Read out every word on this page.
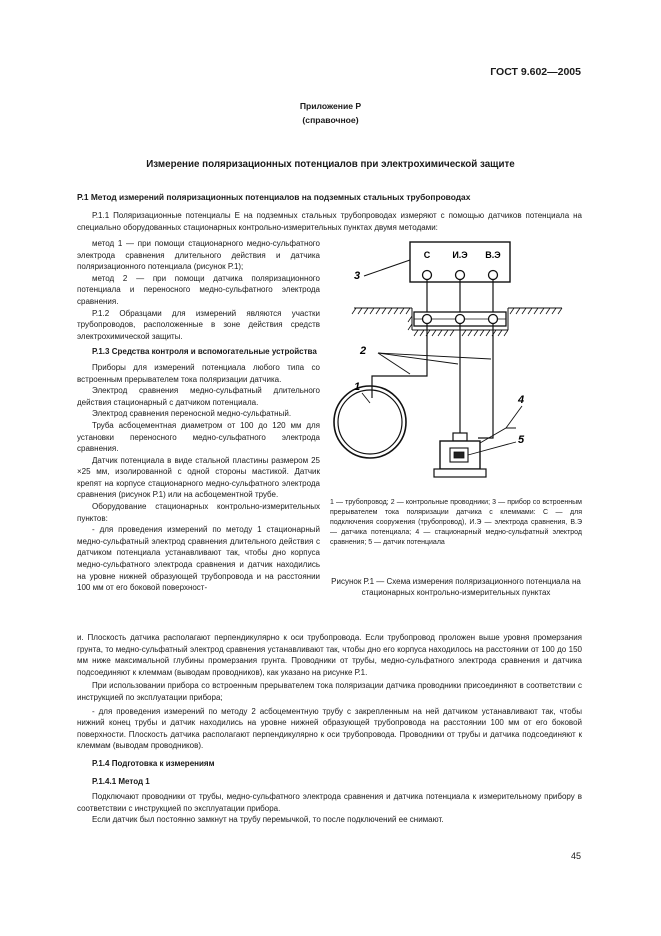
ГОСТ 9.602—2005
Приложение Р
(справочное)
Измерение поляризационных потенциалов при электрохимической защите

P.1 Метод измерений поляризационных потенциалов на подземных стальных трубопроводах

Р.1.1 Поляризационные потенциалы E на подземных стальных трубопроводах измеряют с помощью датчиков потенциала на специально оборудованных стационарных контрольно-измерительных пунктах двумя методами:

метод 1 — при помощи стационарного медно-сульфатного электрода сравнения длительного действия и датчика поляризационного потенциала (рисунок Р.1);

метод 2 — при помощи датчика поляризационного потенциала и переносного медно-сульфатного электрода сравнения.

Р.1.2 Образцами для измерений являются участки трубопроводов, расположенные в зоне действия средств электрохимической защиты.

Р.1.3 Средства контроля и вспомогательные устройства

Приборы для измерений потенциала любого типа со встроенным прерывателем тока поляризации датчика.

Электрод сравнения медно-сульфатный длительного действия стационарный с датчиком потенциала.

Электрод сравнения переносной медно-сульфатный.

Труба асбоцементная диаметром от 100 до 120 мм для установки переносного медно-сульфатного электрода сравнения.

Датчик потенциала в виде стальной пластины размером 25 ×25 мм, изолированной с одной стороны мастикой. Датчик крепят на корпусе стационарного медно-сульфатного электрода сравнения (рисунок Р.1) или на асбоцементной трубе.

Оборудование стационарных контрольно-измерительных пунктов:

- для проведения измерений по методу 1 стационарный медно-сульфатный электрод сравнения длительного действия с датчиком потенциала устанавливают так, чтобы дно корпуса медно-сульфатного электрода сравнения и датчик находились на уровне нижней образующей трубопровода и на расстоянии 100 мм от его боковой поверхност-

С И.Э В.Э
3
2
1
4
5

1 — трубопровод; 2 — контрольные проводники; 3 — прибор со встроенным прерывателем тока поляризации датчика с клеммами: С — для подключения сооружения (трубопровод), И.Э — электрода сравнения, В.Э — датчика потенциала; 4 — стационарный медно-сульфатный электрод сравнения; 5 — датчик потенциала

Рисунок Р.1 — Схема измерения поляризационного потенциала на стационарных контрольно-измерительных пунктах

и. Плоскость датчика располагают перпендикулярно к оси трубопровода. Если трубопровод проложен выше уровня промерзания грунта, то медно-сульфатный электрод сравнения устанавливают так, чтобы дно его корпуса находилось на расстоянии от 100 до 150 мм ниже максимальной глубины промерзания грунта. Проводники от трубы, медно-сульфатного электрода сравнения и датчика подсоединяют к клеммам (выводам проводников), как указано на рисунке Р.1.

При использовании прибора со встроенным прерывателем тока поляризации датчика проводники присоединяют в соответствии с инструкцией по эксплуатации прибора;

- для проведения измерений по методу 2 асбоцементную трубу с закрепленным на ней датчиком устанавливают так, чтобы нижний конец трубы и датчик находились на уровне нижней образующей трубопровода на расстоянии 100 мм от его боковой поверхности. Плоскость датчика располагают перпендикулярно к оси трубопровода. Проводники от трубы и датчика подсоединяют к клеммам (выводам проводников).

Р.1.4 Подготовка к измерениям

Р.1.4.1 Метод 1

Подключают проводники от трубы, медно-сульфатного электрода сравнения и датчика потенциала к измерительному прибору в соответствии с инструкцией по эксплуатации прибора.

Если датчик был постоянно замкнут на трубу перемычкой, то после подключений ее снимают.

45
